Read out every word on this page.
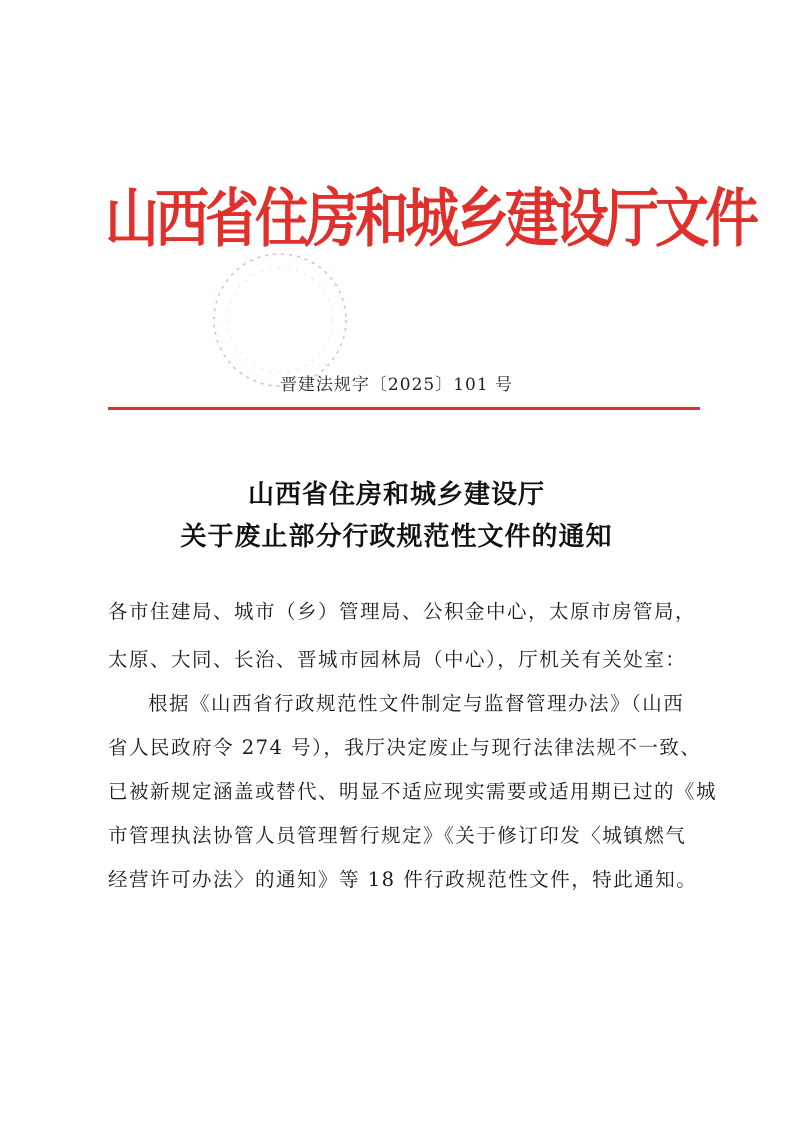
山西省住房和城乡建设厅文件
晋建法规字〔2025〕101 号
山西省住房和城乡建设厅
关于废止部分行政规范性文件的通知
各市住建局、城市（乡）管理局、公积金中心，太原市房管局，
太原、大同、长治、晋城市园林局（中心），厅机关有关处室：
根据《山西省行政规范性文件制定与监督管理办法》（山西
省人民政府令 274 号），我厅决定废止与现行法律法规不一致、
已被新规定涵盖或替代、明显不适应现实需要或适用期已过的《城
市管理执法协管人员管理暂行规定》《关于修订印发〈城镇燃气
经营许可办法〉的通知》等 18 件行政规范性文件，特此通知。
